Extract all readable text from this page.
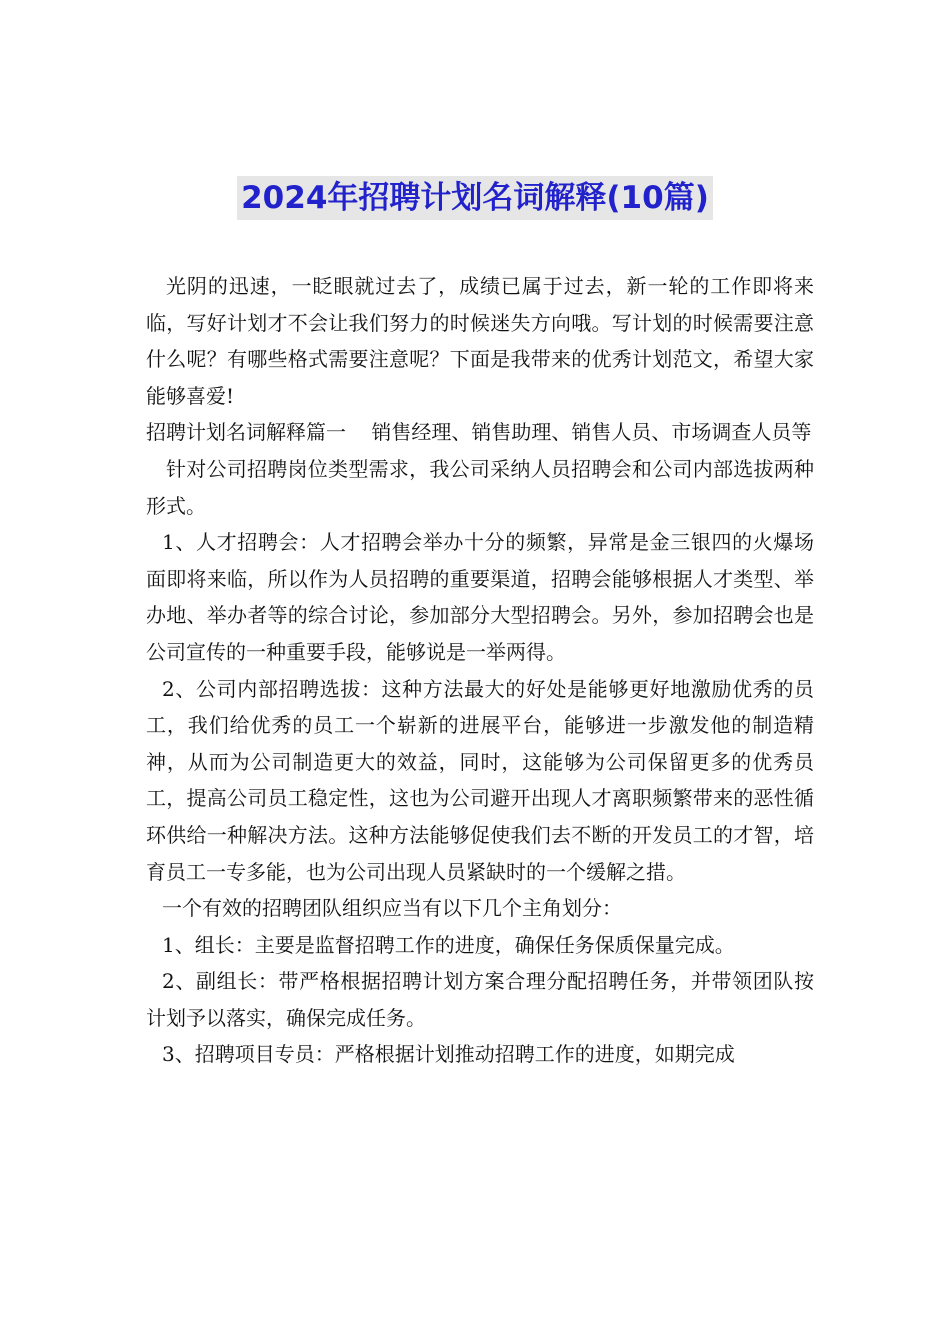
2024年招聘计划名词解释(10篇)

光阴的迅速，一眨眼就过去了，成绩已属于过去，新一轮的工作即将来临，写好计划才不会让我们努力的时候迷失方向哦。写计划的时候需要注意什么呢？有哪些格式需要注意呢？下面是我带来的优秀计划范文，希望大家能够喜爱!

招聘计划名词解释篇一    销售经理、销售助理、销售人员、市场调查人员等

针对公司招聘岗位类型需求，我公司采纳人员招聘会和公司内部选拔两种形式。

1、人才招聘会：人才招聘会举办十分的频繁，异常是金三银四的火爆场面即将来临，所以作为人员招聘的重要渠道，招聘会能够根据人才类型、举办地、举办者等的综合讨论，参加部分大型招聘会。另外，参加招聘会也是公司宣传的一种重要手段，能够说是一举两得。

2、公司内部招聘选拔：这种方法最大的好处是能够更好地激励优秀的员工，我们给优秀的员工一个崭新的进展平台，能够进一步激发他的制造精神，从而为公司制造更大的效益，同时，这能够为公司保留更多的优秀员工，提高公司员工稳定性，这也为公司避开出现人才离职频繁带来的恶性循环供给一种解决方法。这种方法能够促使我们去不断的开发员工的才智，培育员工一专多能，也为公司出现人员紧缺时的一个缓解之措。

一个有效的招聘团队组织应当有以下几个主角划分：

1、组长：主要是监督招聘工作的进度，确保任务保质保量完成。

2、副组长：带严格根据招聘计划方案合理分配招聘任务，并带领团队按计划予以落实，确保完成任务。

3、招聘项目专员：严格根据计划推动招聘工作的进度，如期完成
